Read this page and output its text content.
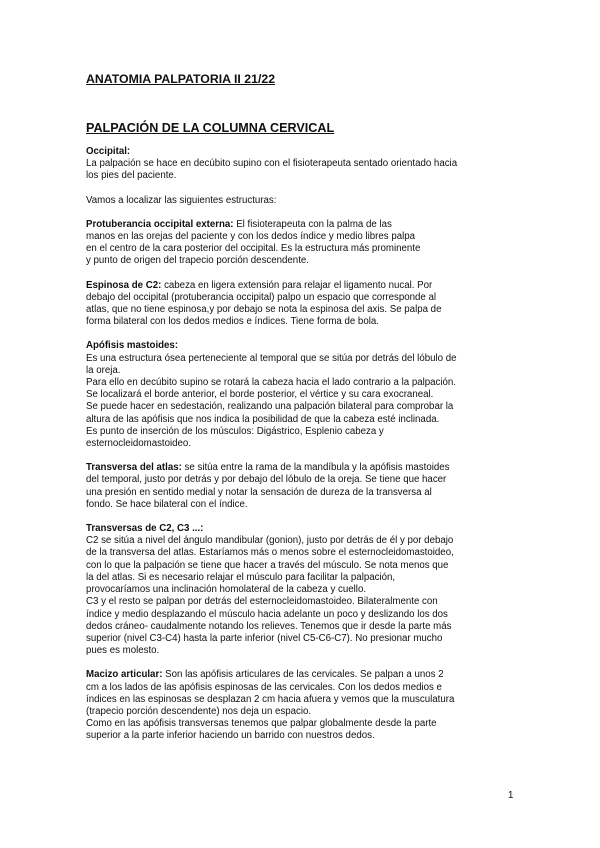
ANATOMIA PALPATORIA II 21/22
PALPACIÓN DE LA COLUMNA CERVICAL

Occipital:

La palpación se hace en decúbito supino con el fisioterapeuta sentado orientado hacia

los pies del paciente.

Vamos a localizar las siguientes estructuras:

Protuberancia occipital externa: El fisioterapeuta con la palma de las

manos en las orejas del paciente y con los dedos índice y medio libres palpa

en el centro de la cara posterior del occipital. Es la estructura más prominente

y punto de origen del trapecio porción descendente.

Espinosa de C2: cabeza en ligera extensión para relajar el ligamento nucal. Por

debajo del occipital (protuberancia occipital) palpo un espacio que corresponde al

atlas, que no tiene espinosa,y por debajo se nota la espinosa del axis. Se palpa de

forma bilateral con los dedos medios e índices. Tiene forma de bola.

Apófisis mastoides:

Es una estructura ósea perteneciente al temporal que se sitúa por detrás del lóbulo de

la oreja.

Para ello en decúbito supino se rotará la cabeza hacia el lado contrario a la palpación.

Se localizará el borde anterior, el borde posterior, el vértice y su cara exocraneal.

Se puede hacer en sedestación, realizando una palpación bilateral para comprobar la

altura de las apófisis que nos indica la posibilidad de que la cabeza esté inclinada.

Es punto de inserción de los músculos: Digástrico, Esplenio cabeza y

esternocleidomastoideo.

Transversa del atlas: se sitúa entre la rama de la mandíbula y la apófisis mastoides

del temporal, justo por detrás y por debajo del lóbulo de la oreja. Se tiene que hacer

una presión en sentido medial y notar la sensación de dureza de la transversa al

fondo. Se hace bilateral con el índice.

Transversas de C2, C3 ...:

C2 se sitúa a nivel del ángulo mandibular (gonion), justo por detrás de él y por debajo

de la transversa del atlas. Estaríamos más o menos sobre el esternocleidomastoideo,

con lo que la palpación se tiene que hacer a través del músculo. Se nota menos que

la del atlas. Si es necesario relajar el músculo para facilitar la palpación,

provocaríamos una inclinación homolateral de la cabeza y cuello.

C3 y el resto se palpan por detrás del esternocleidomastoideo. Bilateralmente con

índice y medio desplazando el músculo hacia adelante un poco y deslizando los dos

dedos cráneo- caudalmente notando los relieves. Tenemos que ir desde la parte más

superior (nivel C3-C4) hasta la parte inferior (nivel C5-C6-C7). No presionar mucho

pues es molesto.

Macizo articular: Son las apófisis articulares de las cervicales. Se palpan a unos 2

cm a los lados de las apófisis espinosas de las cervicales. Con los dedos medios e

índices en las espinosas se desplazan 2 cm hacia afuera y vemos que la musculatura

(trapecio porción descendente) nos deja un espacio.

Como en las apófisis transversas tenemos que palpar globalmente desde la parte

superior a la parte inferior haciendo un barrido con nuestros dedos.

1
